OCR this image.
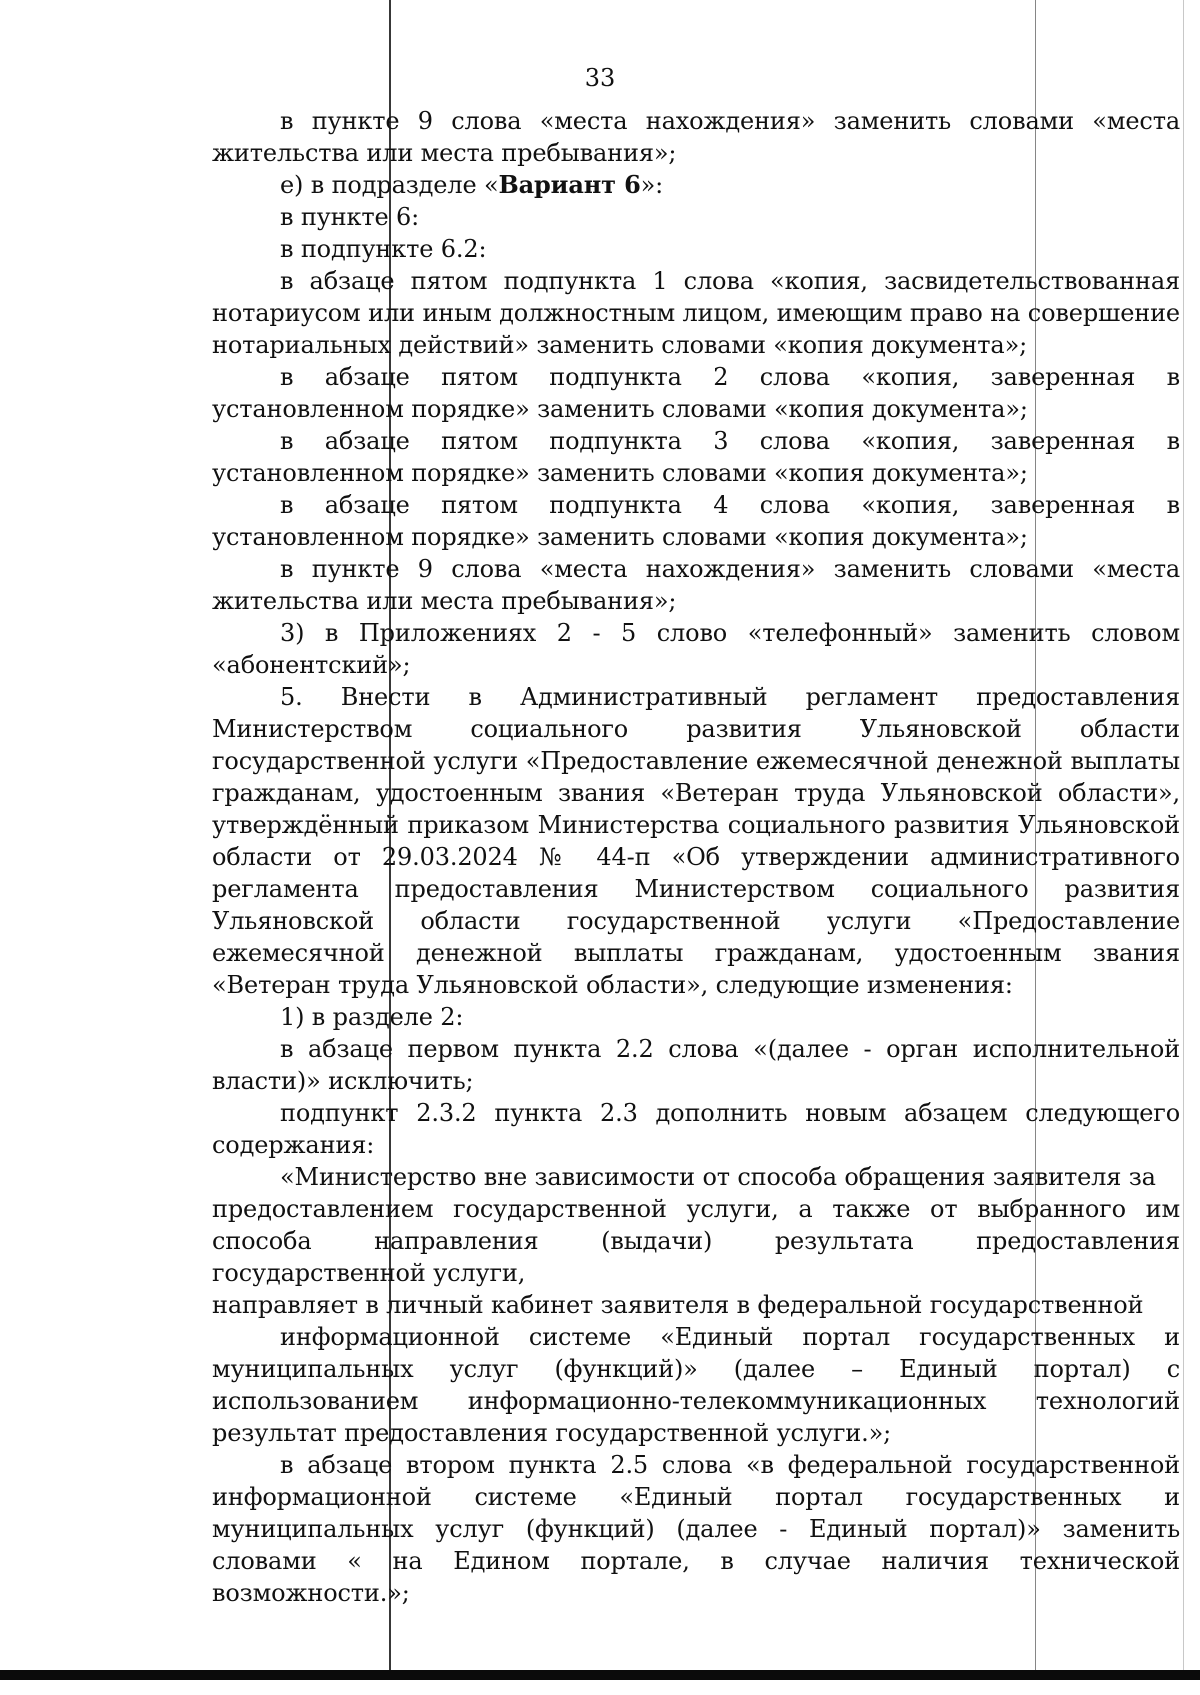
33

в пункте 9 слова «места нахождения» заменить словами «места жительства или места пребывания»;

е) в подразделе «Вариант 6»:

в пункте 6:

в подпункте 6.2:

в абзаце пятом подпункта 1 слова «копия, засвидетельствованная нотариусом или иным должностным лицом, имеющим право на совершение нотариальных действий» заменить словами «копия документа»;

в абзаце пятом подпункта 2 слова «копия, заверенная в установленном порядке» заменить словами «копия документа»;

в абзаце пятом подпункта 3 слова «копия, заверенная в установленном порядке» заменить словами «копия документа»;

в абзаце пятом подпункта 4 слова «копия, заверенная в установленном порядке» заменить словами «копия документа»;

в пункте 9 слова «места нахождения» заменить словами «места жительства или места пребывания»;

3) в Приложениях 2 - 5 слово «телефонный» заменить словом «абонентский»;

5. Внести в Административный регламент предоставления Министерством социального развития Ульяновской области государственной услуги «Предоставление ежемесячной денежной выплаты гражданам, удостоенным звания «Ветеран труда Ульяновской области», утверждённый приказом Министерства социального развития Ульяновской области от 29.03.2024 № 44-п «Об утверждении административного регламента предоставления Министерством социального развития Ульяновской области государственной услуги «Предоставление ежемесячной денежной выплаты гражданам, удостоенным звания «Ветеран труда Ульяновской области», следующие изменения:

1) в разделе 2:

в абзаце первом пункта 2.2 слова «(далее - орган исполнительной власти)» исключить;

подпункт 2.3.2 пункта 2.3 дополнить новым абзацем следующего содержания:

«Министерство вне зависимости от способа обращения заявителя за

предоставлением государственной услуги, а также от выбранного им способа направления (выдачи) результата предоставления государственной услуги,

направляет в личный кабинет заявителя в федеральной государственной

информационной системе «Единый портал государственных и муниципальных услуг (функций)» (далее – Единый портал) с использованием информационно-телекоммуникационных технологий результат предоставления государственной услуги.»;

в абзаце втором пункта 2.5 слова «в федеральной государственной информационной системе «Единый портал государственных и муниципальных услуг (функций) (далее - Единый портал)» заменить словами « на Едином портале, в случае наличия технической возможности.»;
